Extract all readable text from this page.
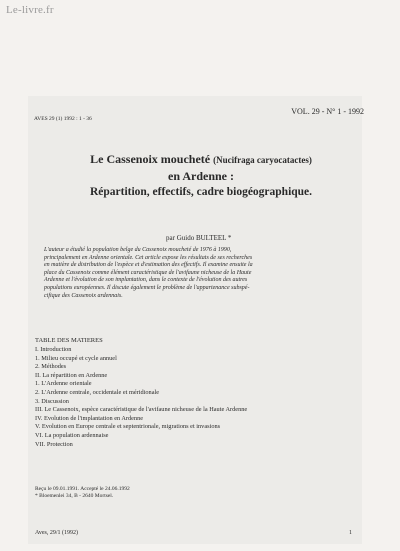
Le-livre.fr
VOL. 29 - N° 1 - 1992
AVES 29 (1) 1992 : 1 - 36
Le Cassenoix moucheté (Nucifraga caryocatactes)
en Ardenne :
Répartition, effectifs, cadre biogéographique.
par Guido BULTEEL *
L'auteur a étudié la population belge du Cassenoix moucheté de 1976 à 1990,
principalement en Ardenne orientale. Cet article expose les résultats de ses recherches
en matière de distribution de l'espèce et d'estimation des effectifs. Il examine ensuite la
place du Cassenoix comme élément caractéristique de l'avifaune nicheuse de la Haute
Ardenne et l'évolution de son implantation, dans le contexte de l'évolution des autres
populations européennes. Il discute également le problème de l'appartenance subspé-
cifique des Cassenoix ardennais.
TABLE DES MATIERES
I. Introduction
1. Milieu occupé et cycle annuel
2. Méthodes
II. La répartition en Ardenne
1. L'Ardenne orientale
2. L'Ardenne centrale, occidentale et méridionale
3. Discussion
III. Le Cassenoix, espèce caractéristique de l'avifaune nicheuse de la Haute Ardenne
IV. Evolution de l'implantation en Ardenne
V. Evolution en Europe centrale et septentrionale, migrations et invasions
VI. La population ardennaise
VII. Protection
Reçu le 09.01.1991. Accepté le 24.06.1992
* Bloemenlei 34, B - 2640 Mortsel.
Aves, 29/1 (1992)	1
